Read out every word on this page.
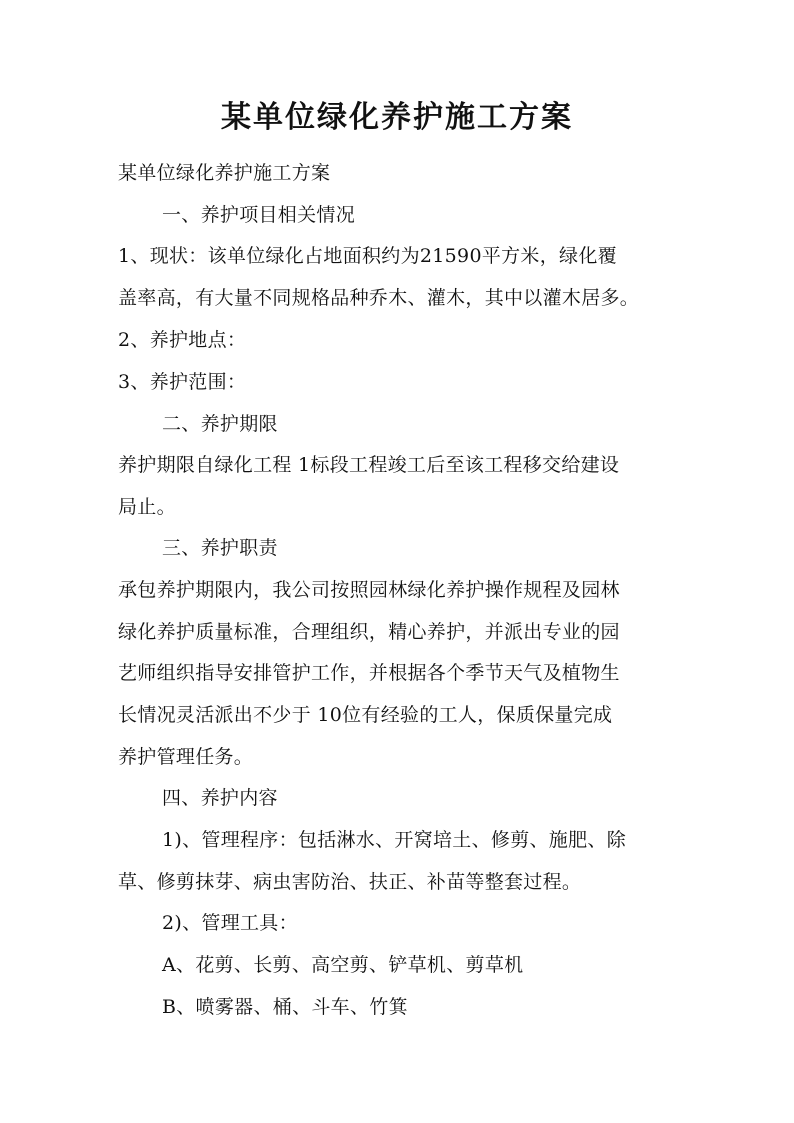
某单位绿化养护施工方案
某单位绿化养护施工方案
一、养护项目相关情况
1、现状：该单位绿化占地面积约为21590平方米，绿化覆
盖率高，有大量不同规格品种乔木、灌木，其中以灌木居多。
2、养护地点：
3、养护范围：
二、养护期限
养护期限自绿化工程 1标段工程竣工后至该工程移交给建设
局止。
三、养护职责
承包养护期限内，我公司按照园林绿化养护操作规程及园林
绿化养护质量标准，合理组织，精心养护，并派出专业的园
艺师组织指导安排管护工作，并根据各个季节天气及植物生
长情况灵活派出不少于 10位有经验的工人，保质保量完成
养护管理任务。
四、养护内容
1)、管理程序：包括淋水、开窝培土、修剪、施肥、除
草、修剪抹芽、病虫害防治、扶正、补苗等整套过程。
2)、管理工具：
A、花剪、长剪、高空剪、铲草机、剪草机
B、喷雾器、桶、斗车、竹箕
